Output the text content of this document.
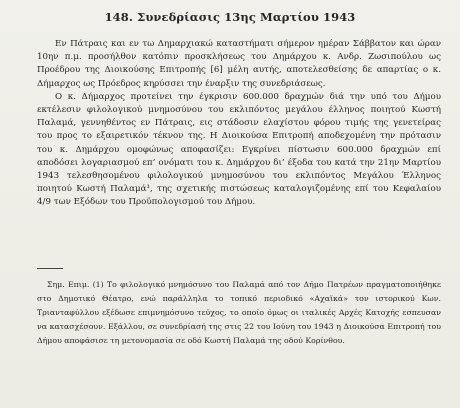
148. Συνεδρίασις 13ης Μαρτίου 1943

Εν Πάτραις και εν τω Δημαρχιακώ καταστήματι σήμερον ημέραν Σάββατον και ώραν 10ην π.μ. προσήλθον κατόπιν προσκλήσεως του Δημάρχου κ. Ανδρ. Ζωσιπούλου ως Προέδρου της Διοικούσης Επιτροπής [6] μέλη αυτής, αποτελεσθείσης δε απαρτίας ο κ. Δήμαρχος ως Πρόεδρος κηρύσσει την έναρξιν της συνεδριάσεως.

Ο κ. Δήμαρχος προτείνει την έγκρισιν 600.000 δραχμών διά την υπό του Δήμου εκτέλεσιν φιλολογικού μνημοσύνου του εκλιπόντος μεγάλου έλληνος ποιητού Κωστή Παλαμά, γεννηθέντος εν Πάτραις, εις στάδοσιν ελαχίστου φόρου τιμής της γενετείρας του προς το εξαιρετικόν τέκνον της. Η Διοικούσα Επιτροπή αποδεχομένη την πρότασιν του κ. Δημάρχου ομοφώνως αποφασίζει: Εγκρίνει πίστωσιν 600.000 δραχμών επί αποδόσει λογαριασμού επ’ ονόματι του κ. Δημάρχου δι’ έξοδα του κατά την 21ην Μαρτίου 1943 τελεσθησομένου φιλολογικού μνημοσύνου του εκλιπόντος Μεγάλου Έλληνος ποιητού Κωστή Παλαμά¹, της σχετικής πιστώσεως καταλογιζομένης επί του Κεφαλαίου 4/9 των Εξόδων του Προϋπολογισμού του Δήμου.

Σημ. Επιμ. (1) Το φιλολογικό μνημόσυνο του Παλαμά από τον Δήμο Πατρέων πραγματοποιήθηκε στο Δημοτικό Θέατρο, ενώ παράλληλα το τοπικό περιοδικό «Αχαϊκά» τον ιστορικού Κων. Τριανταφύλλου εξέδωσε επιμνημόσυνο τεύχος, το οποίο όμως οι ιταλικές Αρχές Κατοχής εσπευσαν να κατασχέσουν. Εξάλλου, σε συνεδρίασή της στις 22 του Ιούνη του 1943 η Διοικούσα Επιτροπή του Δήμου αποφάσισε τη μετονομασία σε οδό Κωστή Παλαμά της οδού Κορίνθου.
